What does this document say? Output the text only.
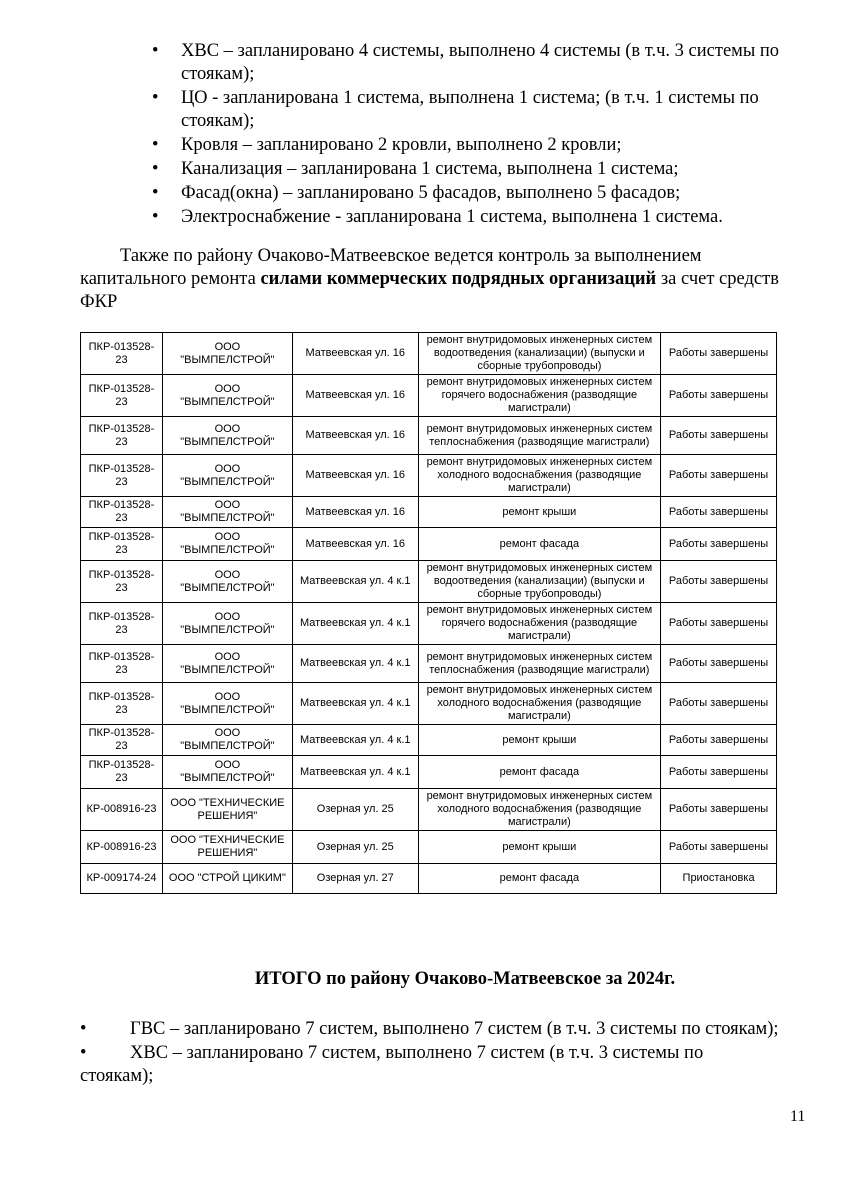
• ХВС – запланировано 4 системы, выполнено 4 системы (в т.ч. 3 системы по стоякам);
• ЦО - запланирована 1 система, выполнена 1 система; (в т.ч. 1 системы по стоякам);
• Кровля – запланировано 2 кровли, выполнено 2 кровли;
• Канализация – запланирована 1 система, выполнена 1 система;
• Фасад(окна) – запланировано 5 фасадов, выполнено 5 фасадов;
• Электроснабжение - запланирована 1 система, выполнена 1 система.
Также по району Очаково-Матвеевское ведется контроль за выполнением капитального ремонта силами коммерческих подрядных организаций за счет средств ФКР
ПКР-013528-23	ООО "ВЫМПЕЛСТРОЙ"	Матвеевская ул. 16	ремонт внутридомовых инженерных систем водоотведения (канализации) (выпуски и сборные трубопроводы)	Работы завершены
ПКР-013528-23	ООО "ВЫМПЕЛСТРОЙ"	Матвеевская ул. 16	ремонт внутридомовых инженерных систем горячего водоснабжения (разводящие магистрали)	Работы завершены
ПКР-013528-23	ООО "ВЫМПЕЛСТРОЙ"	Матвеевская ул. 16	ремонт внутридомовых инженерных систем теплоснабжения (разводящие магистрали)	Работы завершены
ПКР-013528-23	ООО "ВЫМПЕЛСТРОЙ"	Матвеевская ул. 16	ремонт внутридомовых инженерных систем холодного водоснабжения (разводящие магистрали)	Работы завершены
ПКР-013528-23	ООО "ВЫМПЕЛСТРОЙ"	Матвеевская ул. 16	ремонт крыши	Работы завершены
ПКР-013528-23	ООО "ВЫМПЕЛСТРОЙ"	Матвеевская ул. 16	ремонт фасада	Работы завершены
ПКР-013528-23	ООО "ВЫМПЕЛСТРОЙ"	Матвеевская ул. 4 к.1	ремонт внутридомовых инженерных систем водоотведения (канализации) (выпуски и сборные трубопроводы)	Работы завершены
ПКР-013528-23	ООО "ВЫМПЕЛСТРОЙ"	Матвеевская ул. 4 к.1	ремонт внутридомовых инженерных систем горячего водоснабжения (разводящие магистрали)	Работы завершены
ПКР-013528-23	ООО "ВЫМПЕЛСТРОЙ"	Матвеевская ул. 4 к.1	ремонт внутридомовых инженерных систем теплоснабжения (разводящие магистрали)	Работы завершены
ПКР-013528-23	ООО "ВЫМПЕЛСТРОЙ"	Матвеевская ул. 4 к.1	ремонт внутридомовых инженерных систем холодного водоснабжения (разводящие магистрали)	Работы завершены
ПКР-013528-23	ООО "ВЫМПЕЛСТРОЙ"	Матвеевская ул. 4 к.1	ремонт крыши	Работы завершены
ПКР-013528-23	ООО "ВЫМПЕЛСТРОЙ"	Матвеевская ул. 4 к.1	ремонт фасада	Работы завершены
КР-008916-23	ООО "ТЕХНИЧЕСКИЕ РЕШЕНИЯ"	Озерная ул. 25	ремонт внутридомовых инженерных систем холодного водоснабжения (разводящие магистрали)	Работы завершены
КР-008916-23	ООО "ТЕХНИЧЕСКИЕ РЕШЕНИЯ"	Озерная ул. 25	ремонт крыши	Работы завершены
КР-009174-24	ООО "СТРОЙ ЦИКИМ"	Озерная ул. 27	ремонт фасада	Приостановка
ИТОГО по району Очаково-Матвеевское за 2024г.
• ГВС – запланировано 7 систем, выполнено 7 систем (в т.ч. 3 системы по стоякам);
• ХВС – запланировано 7 систем, выполнено 7 систем (в т.ч. 3 системы по стоякам);
11
